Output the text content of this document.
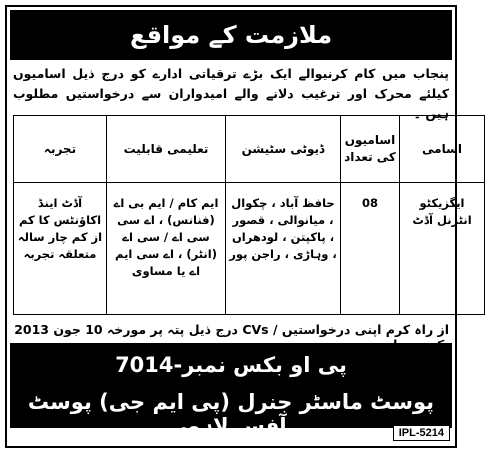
ملازمت کے مواقع
پنجاب میں کام کرنیوالے ایک بڑے ترقیاتی ادارے کو درج ذیل اسامیوں کیلئے محرک اور ترغیب دلانے والے امیدواران سے درخواستیں مطلوب ہیں ۔
اسامی	اسامیوں کی تعداد	ڈیوٹی سٹیشن	تعلیمی قابلیت	تجربہ
ایگزیکٹو انٹرنل آڈٹ	08	حافظ آباد ، چکوال ، میانوالی ، قصور ، پاکپتن ، لودھراں ، وہاڑی ، راجن پور	ایم کام / ایم بی اے (فنانس) ، اے سی سی اے / سی اے (انٹر) ، اے سی ایم اے یا مساوی	آڈٹ اینڈ اکاؤنٹس کا کم از کم چار سالہ متعلقہ تجربہ
از راہ کرم اپنی درخواستیں / CVs درج ذیل پتہ پر مورخہ 10 جون 2013
پی او بکس نمبر-7014
پوسٹ ماسٹر جنرل (پی ایم جی) پوسٹ آفس لاہور	IPL-5214
